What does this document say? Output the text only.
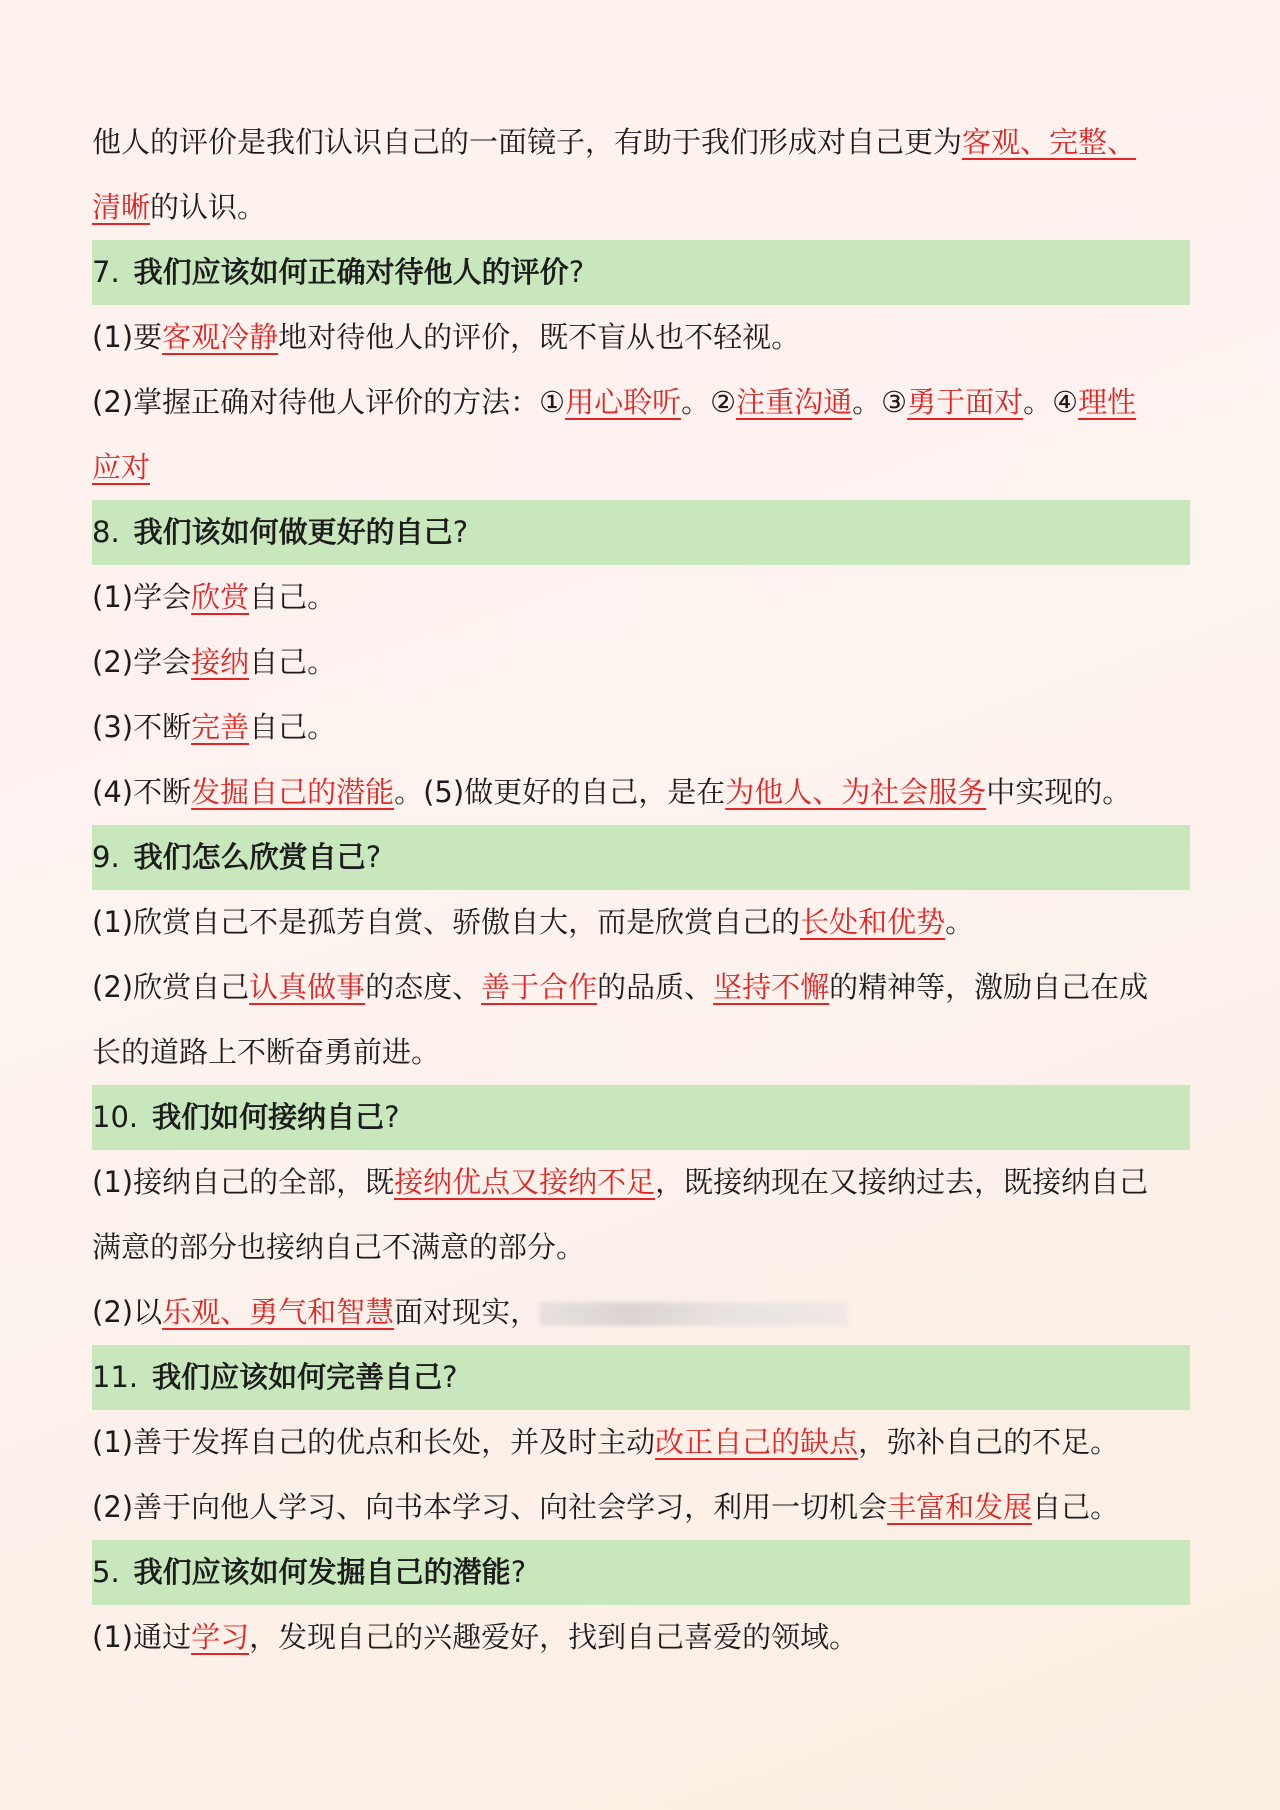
他人的评价是我们认识自己的一面镜子，有助于我们形成对自己更为客观、完整、

清晰的认识。

7. 我们应该如何正确对待他人的评价?

(1)要客观冷静地对待他人的评价，既不盲从也不轻视。

(2)掌握正确对待他人评价的方法：①用心聆听。②注重沟通。③勇于面对。④理性

应对

8. 我们该如何做更好的自己?

(1)学会欣赏自己。

(2)学会接纳自己。

(3)不断完善自己。

(4)不断发掘自己的潜能。(5)做更好的自己，是在为他人、为社会服务中实现的。

9. 我们怎么欣赏自己?

(1)欣赏自己不是孤芳自赏、骄傲自大，而是欣赏自己的长处和优势。

(2)欣赏自己认真做事的态度、善于合作的品质、坚持不懈的精神等，激励自己在成

长的道路上不断奋勇前进。

10. 我们如何接纳自己?

(1)接纳自己的全部，既接纳优点又接纳不足，既接纳现在又接纳过去，既接纳自己

满意的部分也接纳自己不满意的部分。

(2)以乐观、勇气和智慧面对现实，

11. 我们应该如何完善自己?

(1)善于发挥自己的优点和长处，并及时主动改正自己的缺点，弥补自己的不足。

(2)善于向他人学习、向书本学习、向社会学习，利用一切机会丰富和发展自己。

5. 我们应该如何发掘自己的潜能?

(1)通过学习，发现自己的兴趣爱好，找到自己喜爱的领域。
